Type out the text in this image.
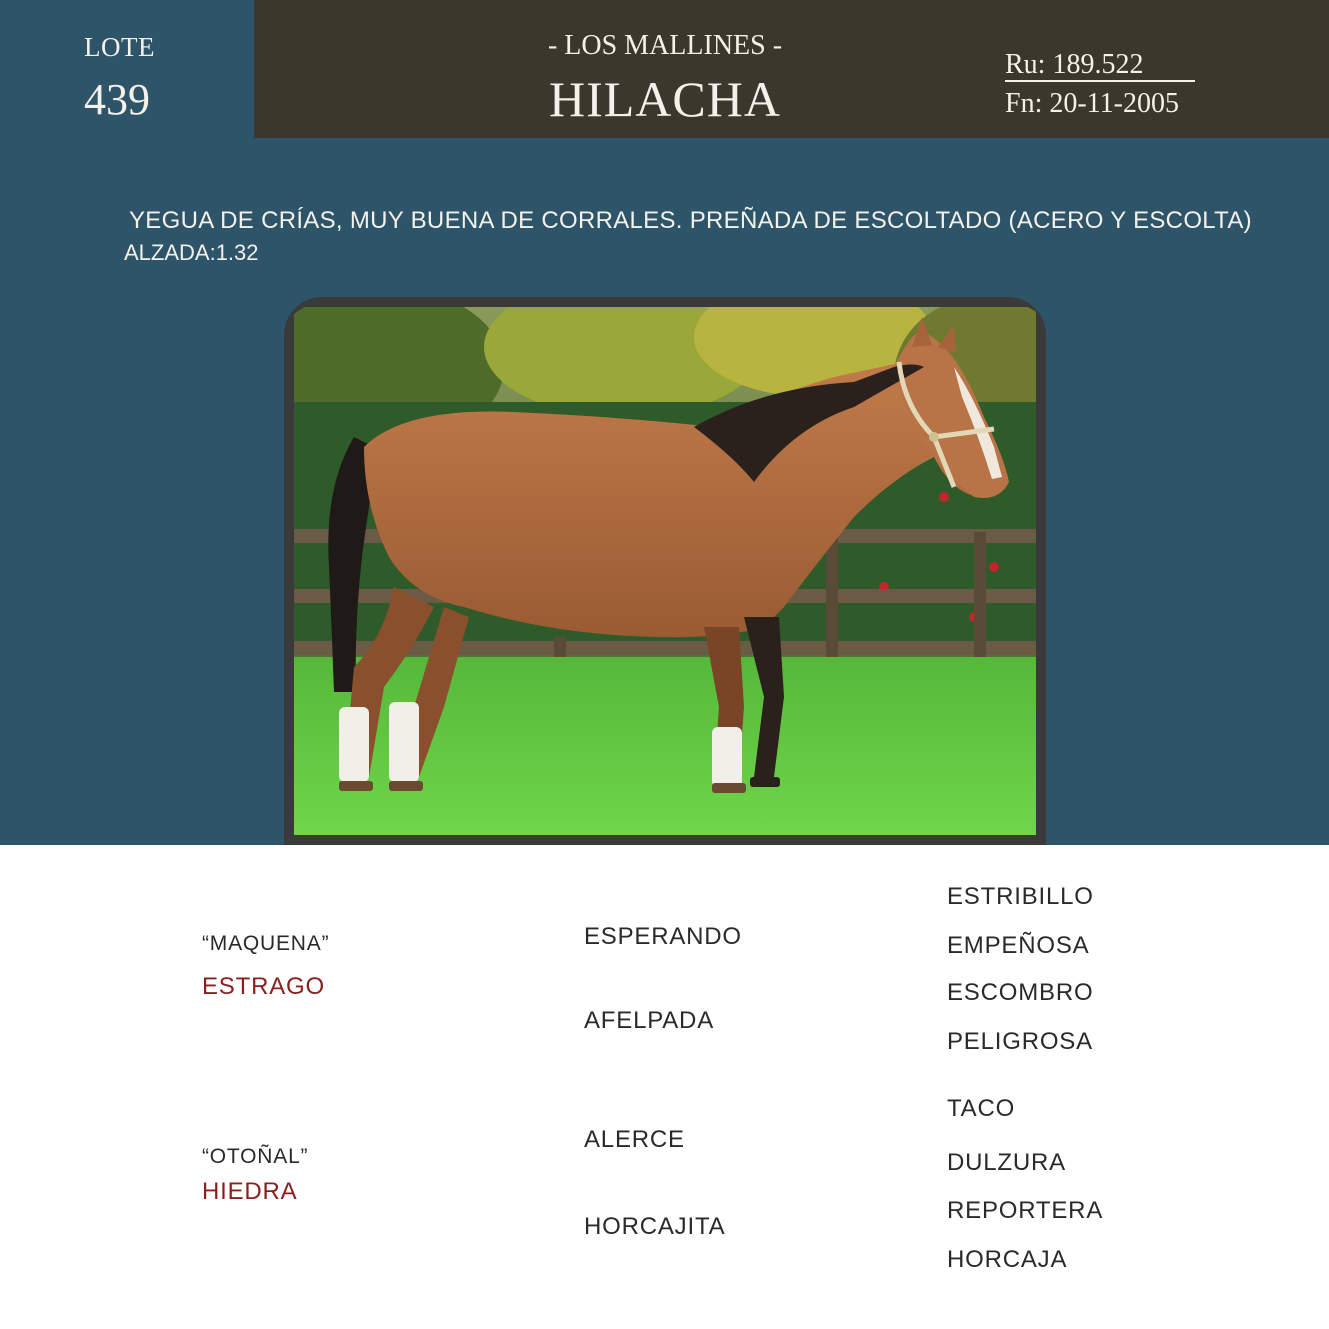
LOTE
439
- LOS MALLINES -
HILACHA
Ru: 189.522
Fn: 20-11-2005
YEGUA DE CRÍAS, MUY BUENA DE CORRALES. PREÑADA DE ESCOLTADO (ACERO Y ESCOLTA)
ALZADA:1.32
“MAQUENA”
ESTRAGO
“OTOÑAL”
HIEDRA
ESPERANDO
AFELPADA
ALERCE
HORCAJITA
ESTRIBILLO
EMPEÑOSA
ESCOMBRO
PELIGROSA
TACO
DULZURA
REPORTERA
HORCAJA
